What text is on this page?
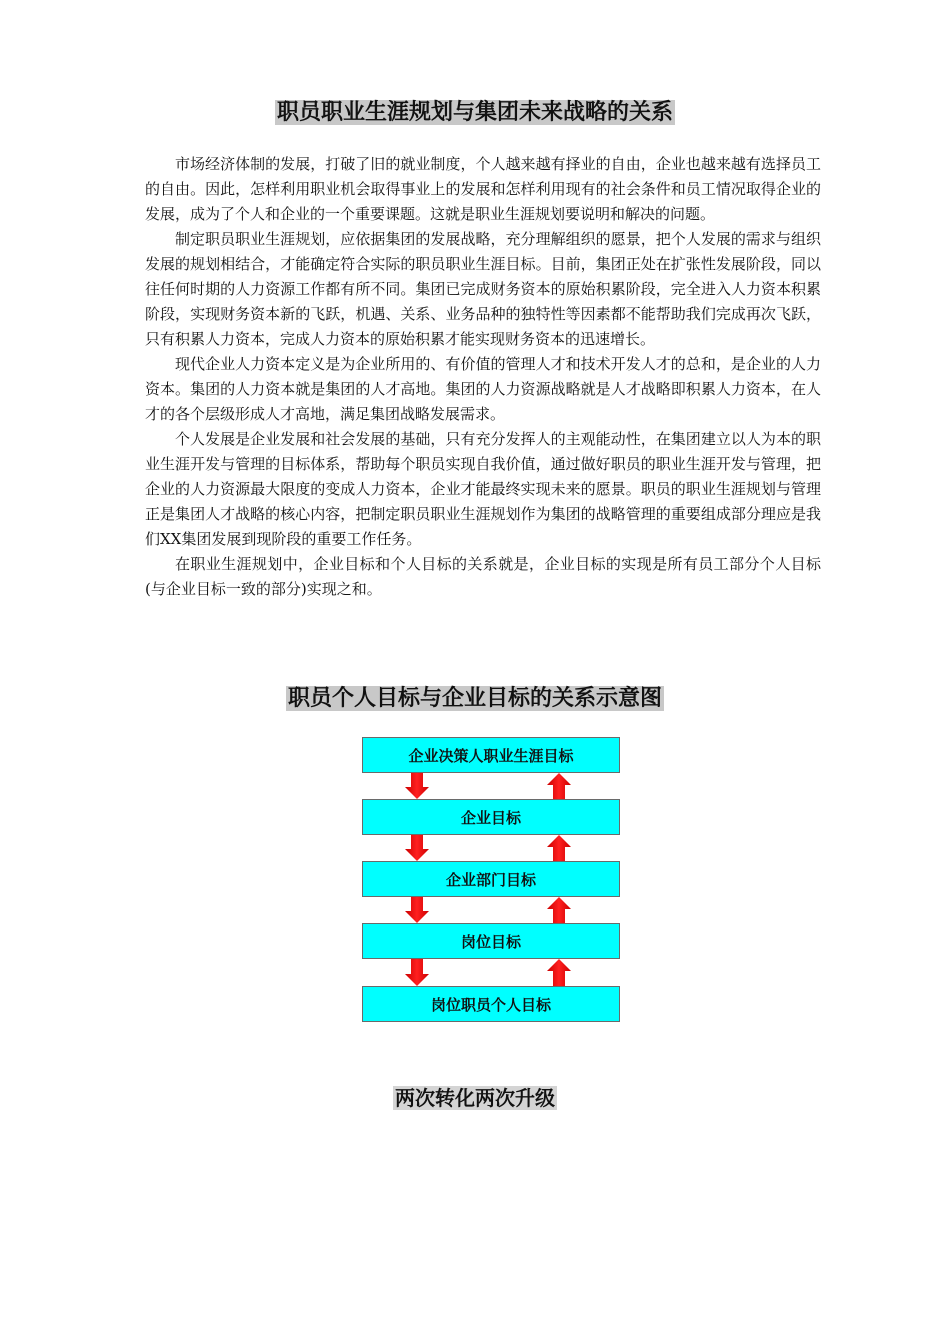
职员职业生涯规划与集团未来战略的关系

市场经济体制的发展，打破了旧的就业制度，个人越来越有择业的自由，企业也越来越有选择员工的自由。因此，怎样利用职业机会取得事业上的发展和怎样利用现有的社会条件和员工情况取得企业的发展，成为了个人和企业的一个重要课题。这就是职业生涯规划要说明和解决的问题。

制定职员职业生涯规划，应依据集团的发展战略，充分理解组织的愿景，把个人发展的需求与组织发展的规划相结合，才能确定符合实际的职员职业生涯目标。目前，集团正处在扩张性发展阶段，同以往任何时期的人力资源工作都有所不同。集团已完成财务资本的原始积累阶段，完全进入人力资本积累阶段，实现财务资本新的飞跃，机遇、关系、业务品种的独特性等因素都不能帮助我们完成再次飞跃，只有积累人力资本，完成人力资本的原始积累才能实现财务资本的迅速增长。

现代企业人力资本定义是为企业所用的、有价值的管理人才和技术开发人才的总和，是企业的人力资本。集团的人力资本就是集团的人才高地。集团的人力资源战略就是人才战略即积累人力资本，在人才的各个层级形成人才高地，满足集团战略发展需求。

个人发展是企业发展和社会发展的基础，只有充分发挥人的主观能动性，在集团建立以人为本的职业生涯开发与管理的目标体系，帮助每个职员实现自我价值，通过做好职员的职业生涯开发与管理，把企业的人力资源最大限度的变成人力资本，企业才能最终实现未来的愿景。职员的职业生涯规划与管理正是集团人才战略的核心内容，把制定职员职业生涯规划作为集团的战略管理的重要组成部分理应是我们XX集团发展到现阶段的重要工作任务。

在职业生涯规划中，企业目标和个人目标的关系就是，企业目标的实现是所有员工部分个人目标(与企业目标一致的部分)实现之和。

职员个人目标与企业目标的关系示意图
企业决策人职业生涯目标
企业目标
企业部门目标
岗位目标
岗位职员个人目标
两次转化两次升级
